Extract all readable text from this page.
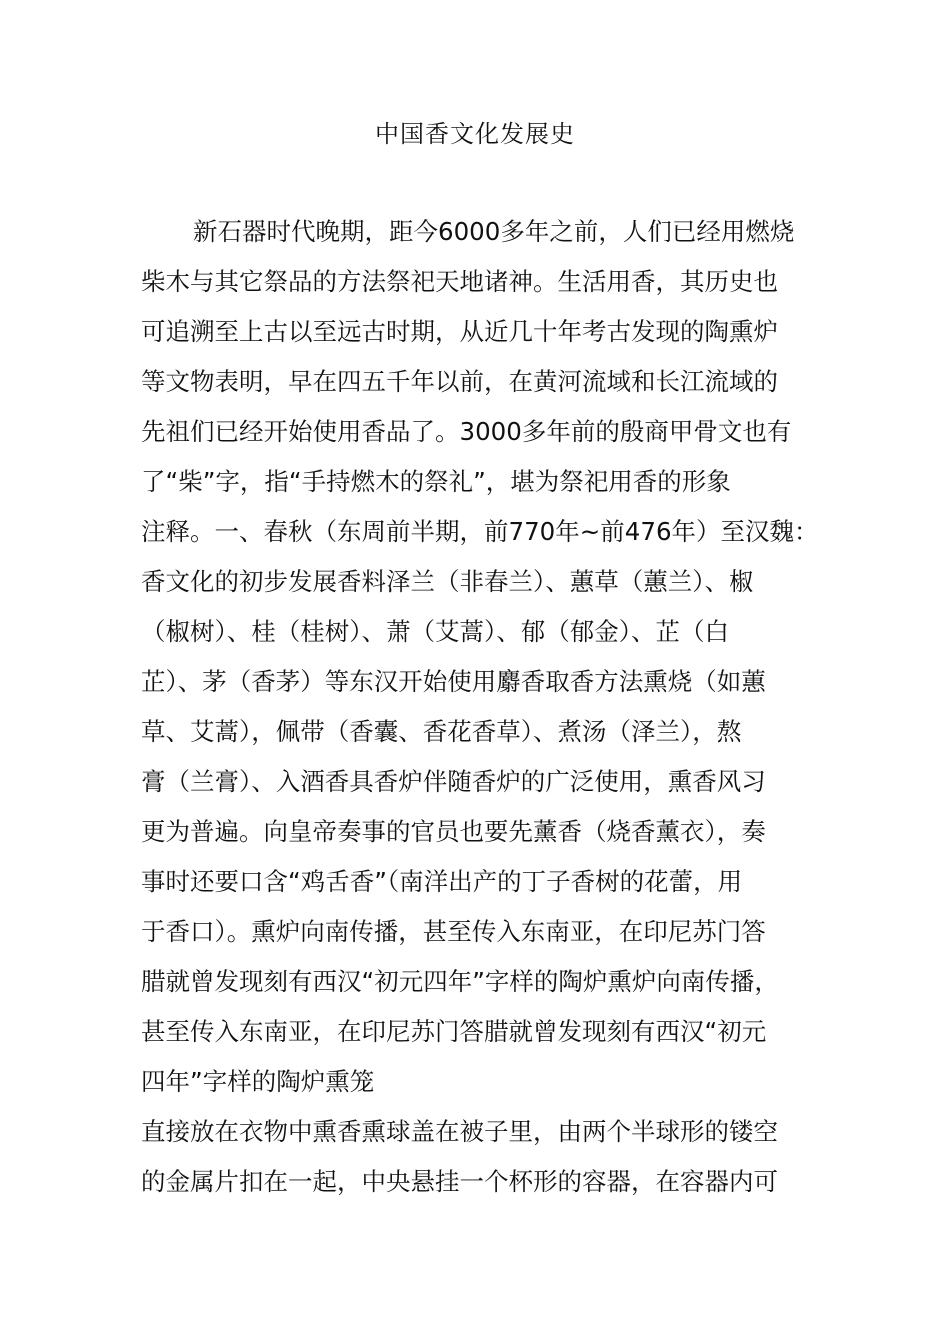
中国香文化发展史
新石器时代晚期，距今6000多年之前，人们已经用燃烧
柴木与其它祭品的方法祭祀天地诸神。生活用香，其历史也
可追溯至上古以至远古时期，从近几十年考古发现的陶熏炉
等文物表明，早在四五千年以前，在黄河流域和长江流域的
先祖们已经开始使用香品了。3000多年前的殷商甲骨文也有
了“柴”字，指“手持燃木的祭礼”，堪为祭祀用香的形象
注释。一、春秋（东周前半期，前770年~前476年）至汉魏：
香文化的初步发展香料泽兰（非春兰）、蕙草（蕙兰）、椒
（椒树）、桂（桂树）、萧（艾蒿）、郁（郁金）、芷（白
芷）、茅（香茅）等东汉开始使用麝香取香方法熏烧（如蕙
草、艾蒿），佩带（香囊、香花香草）、煮汤（泽兰），熬
膏（兰膏）、入酒香具香炉伴随香炉的广泛使用，熏香风习
更为普遍。向皇帝奏事的官员也要先薰香（烧香薰衣），奏
事时还要口含“鸡舌香”（南洋出产的丁子香树的花蕾，用
于香口）。熏炉向南传播，甚至传入东南亚，在印尼苏门答
腊就曾发现刻有西汉“初元四年”字样的陶炉熏炉向南传播，
甚至传入东南亚，在印尼苏门答腊就曾发现刻有西汉“初元
四年”字样的陶炉熏笼
直接放在衣物中熏香熏球盖在被子里，由两个半球形的镂空
的金属片扣在一起，中央悬挂一个杯形的容器，在容器内可
